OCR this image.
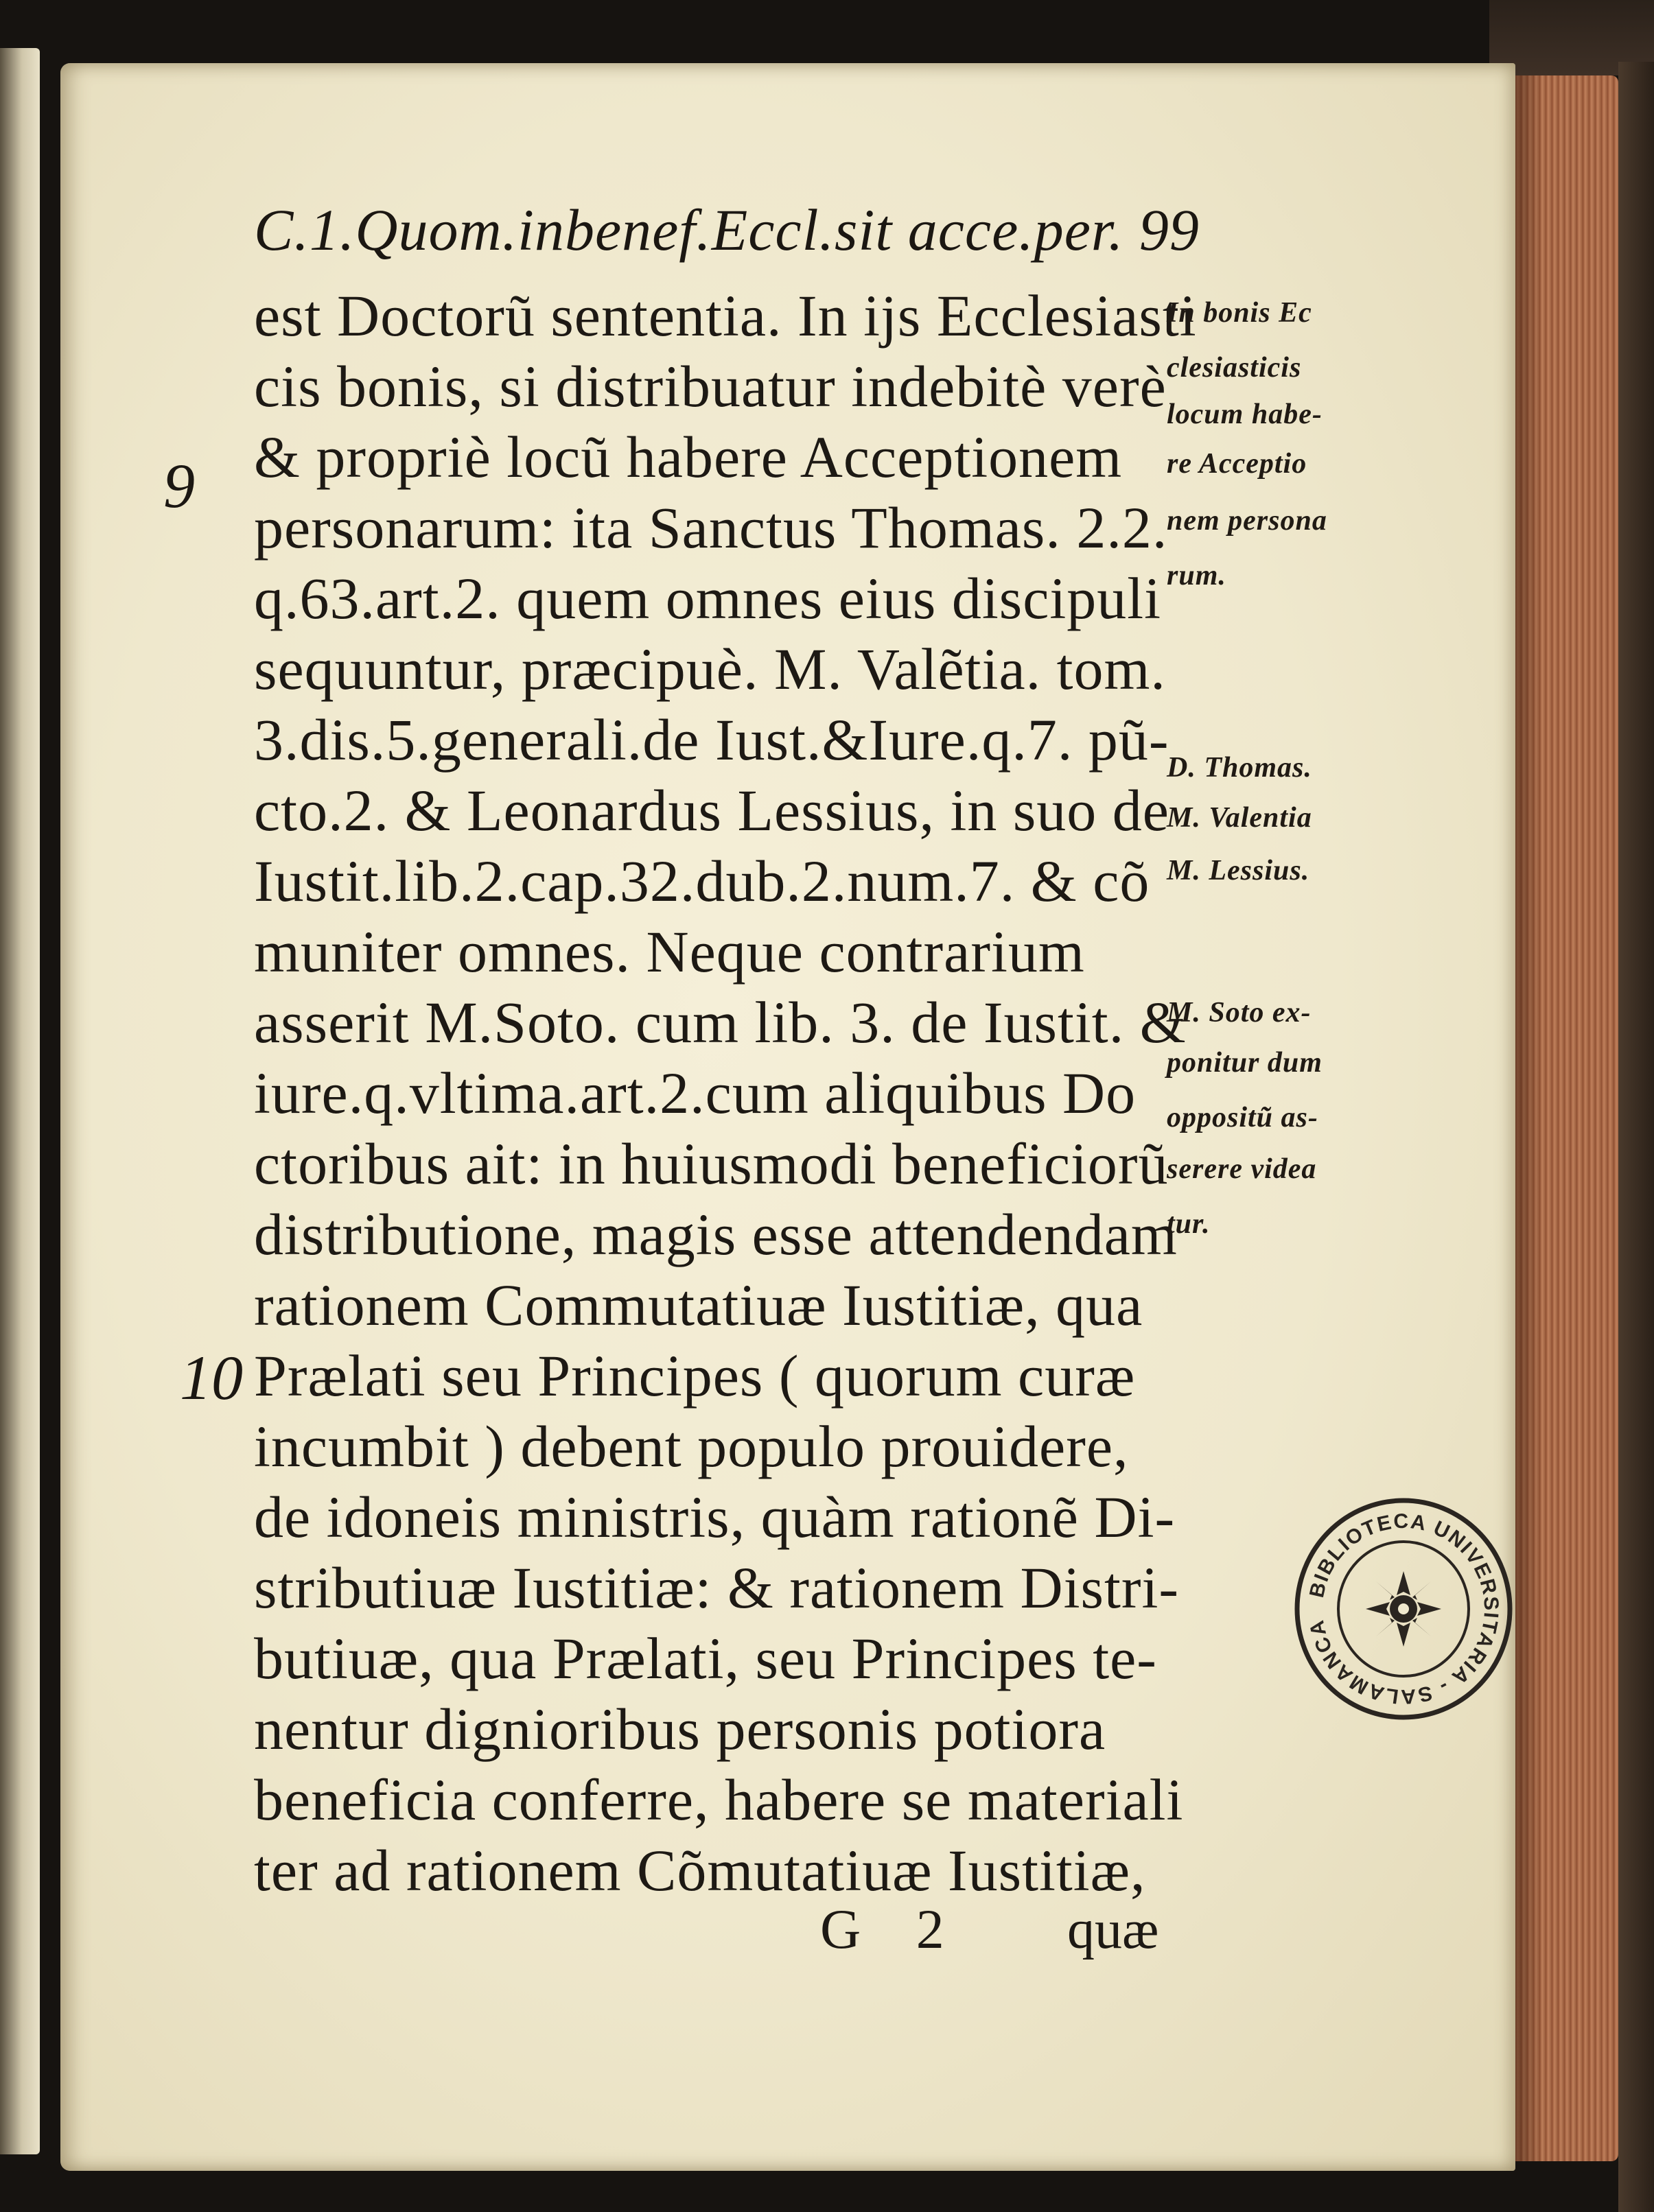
C.1.Quom.inbenef.Eccl.sit acce.per. 99
est Doctorũ sententia. In ijs Ecclesiasti
cis bonis, si distribuatur indebitè verè
& propriè locũ habere Acceptionem
personarum: ita Sanctus Thomas. 2.2.
q.63.art.2. quem omnes eius discipuli
sequuntur, præcipuè. M. Valẽtia. tom.
3.dis.5.generali.de Iust.&Iure.q.7. pũ-
cto.2. & Leonardus Lessius, in suo de
Iustit.lib.2.cap.32.dub.2.num.7. & cõ
muniter omnes. Neque contrarium
asserit M.Soto. cum lib. 3. de Iustit. &
iure.q.vltima.art.2.cum aliquibus Do
ctoribus ait: in huiusmodi beneficiorũ
distributione, magis esse attendendam
rationem Commutatiuæ Iustitiæ, qua
Prælati seu Principes ( quorum curæ
incumbit ) debent populo prouidere,
de idoneis ministris, quàm rationẽ Di-
stributiuæ Iustitiæ: & rationem Distri-
butiuæ, qua Prælati, seu Principes te-
nentur dignioribus personis potiora
beneficia conferre, habere se materiali
ter ad rationem Cõmutatiuæ Iustitiæ,
9
10
In bonis Ec
clesiasticis
locum habe-
re Acceptio
nem persona
rum.
D. Thomas.
M. Valentia
M. Lessius.
M. Soto ex-
ponitur dum
oppositũ as-
serere videa
tur.
G 2 quæ
BIBLIOTECA UNIVERSITARIA - SALAMANCA
